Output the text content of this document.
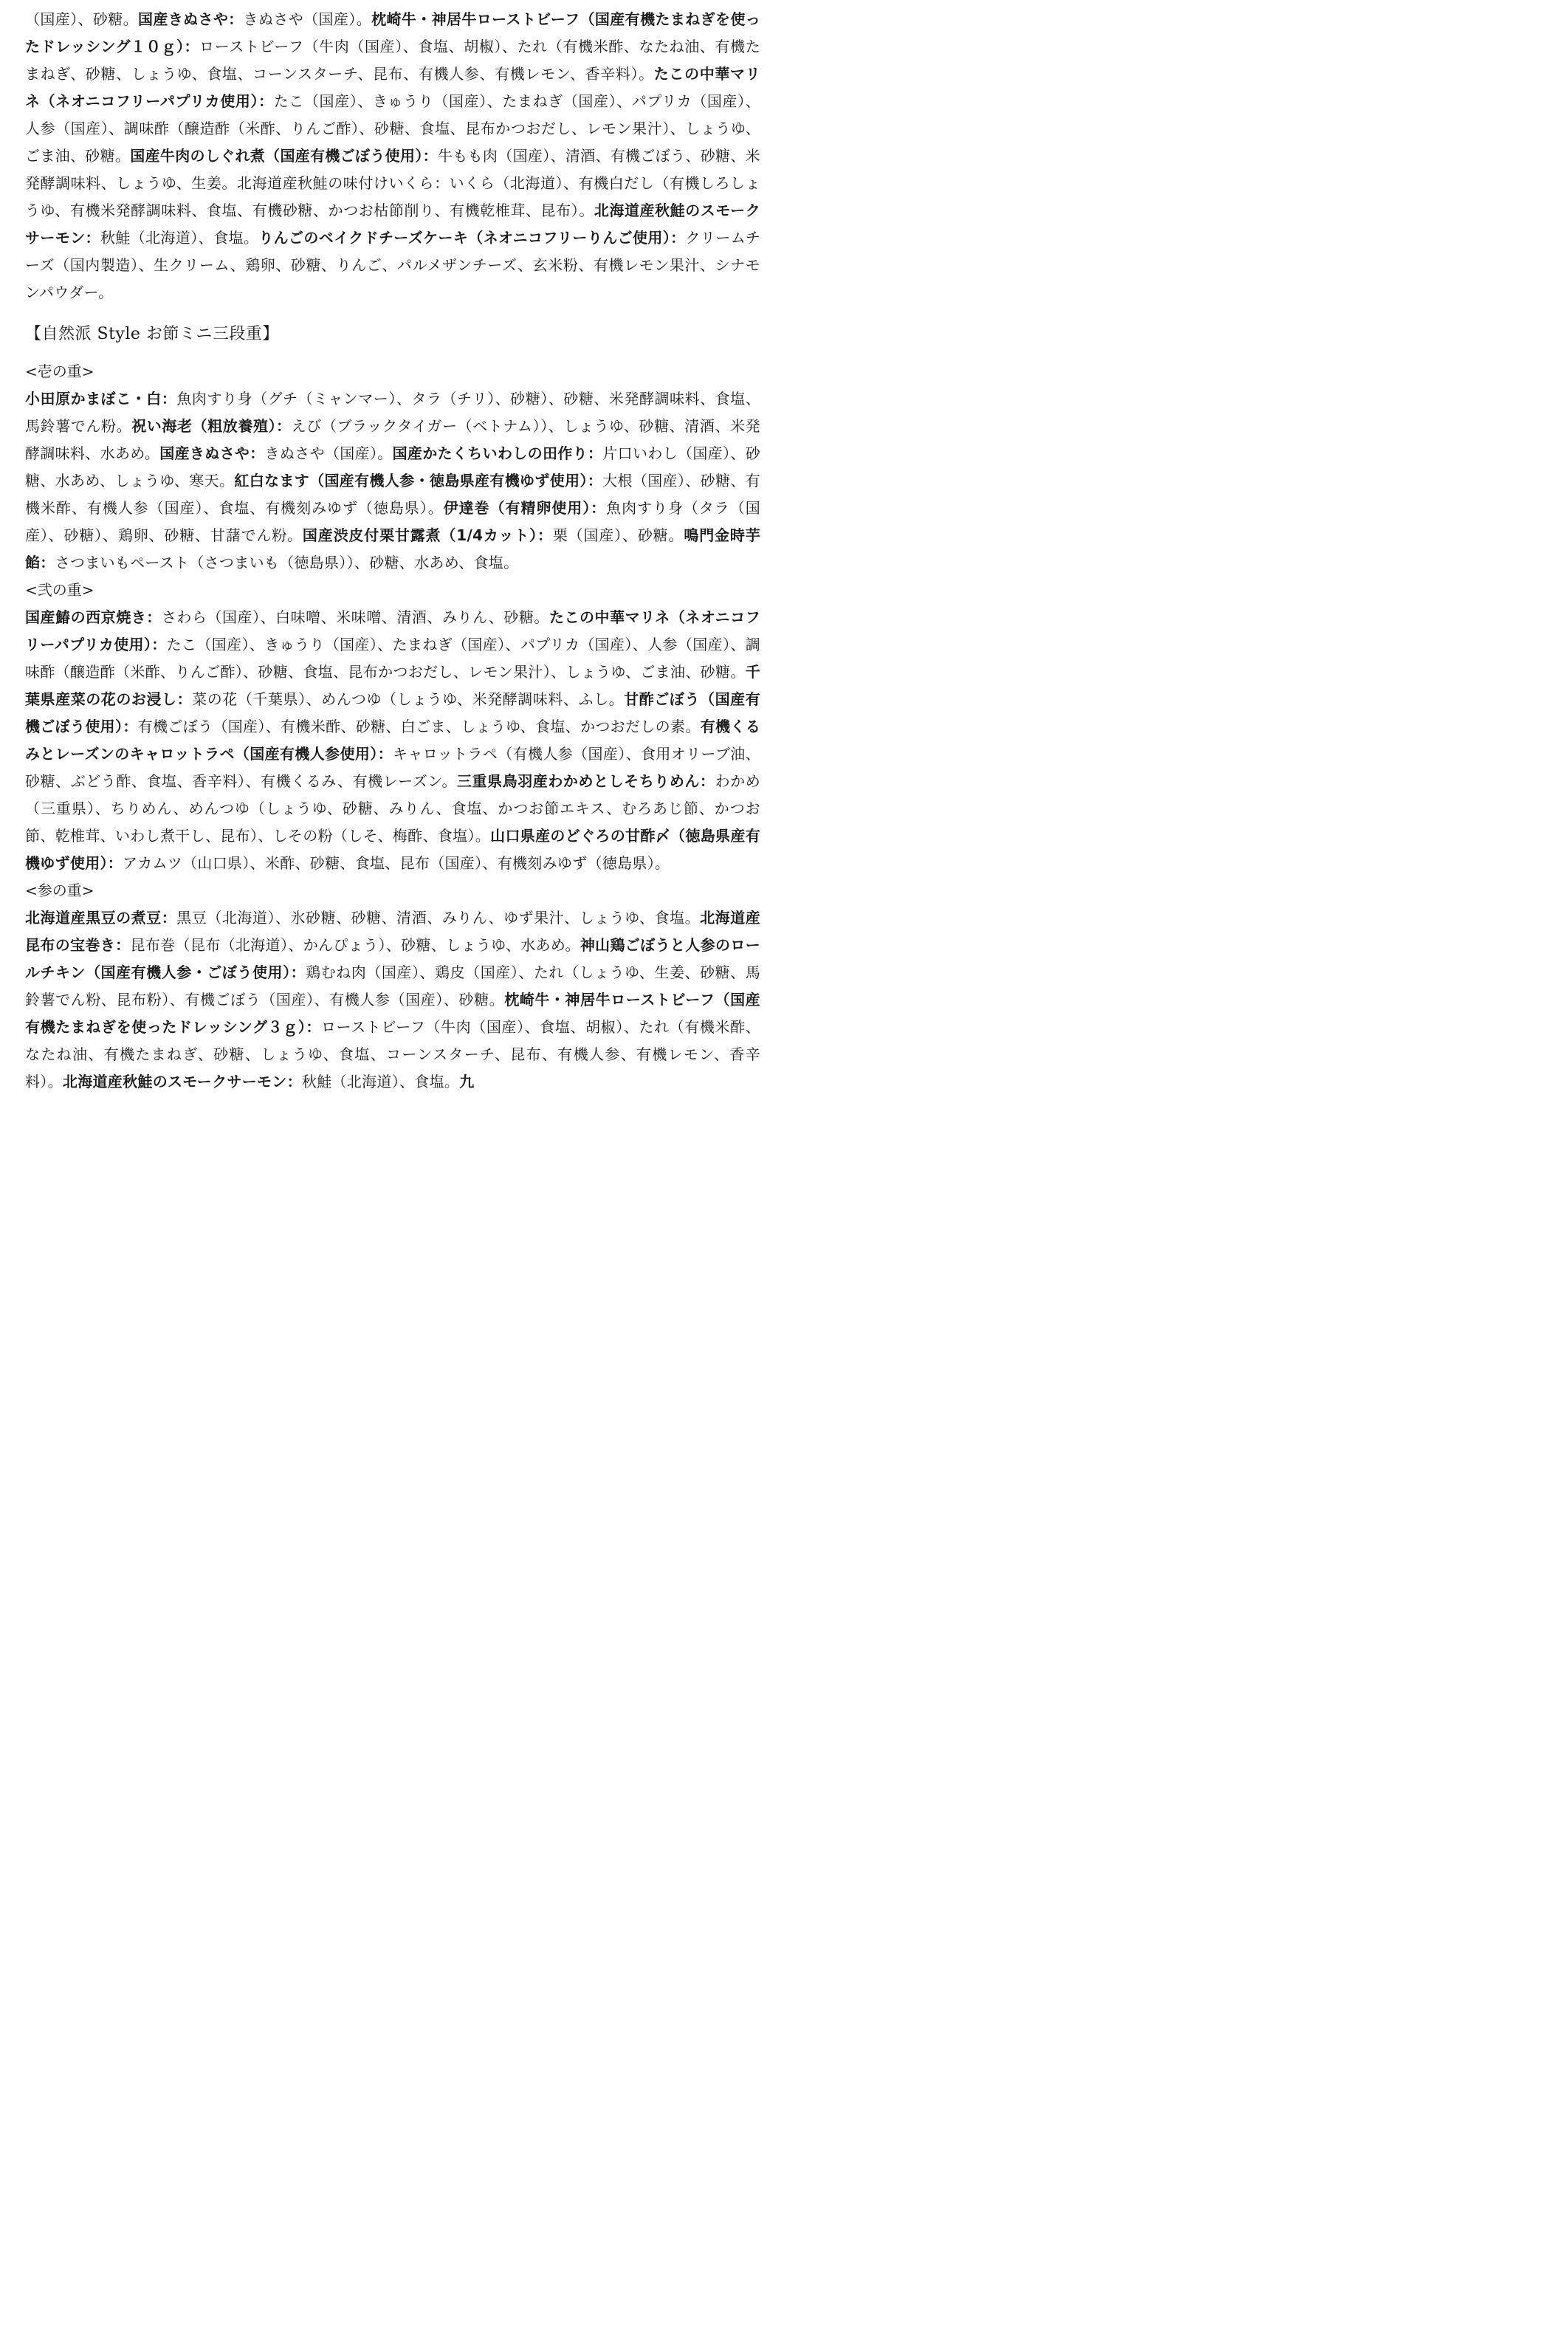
（国産）、砂糖。国産きぬさや：きぬさや（国産）。枕崎牛・神居牛ローストビーフ（国産有機たまねぎを使ったドレッシング１０ｇ）：ローストビーフ（牛肉（国産）、食塩、胡椒）、たれ（有機米酢、なたね油、有機たまねぎ、砂糖、しょうゆ、食塩、コーンスターチ、昆布、有機人参、有機レモン、香辛料）。たこの中華マリネ（ネオニコフリーパプリカ使用）：たこ（国産）、きゅうり（国産）、たまねぎ（国産）、パプリカ（国産）、人参（国産）、調味酢（醸造酢（米酢、りんご酢）、砂糖、食塩、昆布かつおだし、レモン果汁）、しょうゆ、ごま油、砂糖。国産牛肉のしぐれ煮（国産有機ごぼう使用）：牛もも肉（国産）、清酒、有機ごぼう、砂糖、米発酵調味料、しょうゆ、生姜。北海道産秋鮭の味付けいくら：いくら（北海道）、有機白だし（有機しろしょうゆ、有機米発酵調味料、食塩、有機砂糖、かつお枯節削り、有機乾椎茸、昆布）。北海道産秋鮭のスモークサーモン：秋鮭（北海道）、食塩。りんごのベイクドチーズケーキ（ネオニコフリーりんご使用）：クリームチーズ（国内製造）、生クリーム、鶏卵、砂糖、りんご、パルメザンチーズ、玄米粉、有機レモン果汁、シナモンパウダー。

【自然派 Style お節ミニ三段重】
<壱の重>

小田原かまぼこ・白：魚肉すり身（グチ（ミャンマー）、タラ（チリ）、砂糖）、砂糖、米発酵調味料、食塩、馬鈴薯でん粉。祝い海老（粗放養殖）：えび（ブラックタイガー（ベトナム））、しょうゆ、砂糖、清酒、米発酵調味料、水あめ。国産きぬさや：きぬさや（国産）。国産かたくちいわしの田作り：片口いわし（国産）、砂糖、水あめ、しょうゆ、寒天。紅白なます（国産有機人参・徳島県産有機ゆず使用）：大根（国産）、砂糖、有機米酢、有機人参（国産）、食塩、有機刻みゆず（徳島県）。伊達巻（有精卵使用）：魚肉すり身（タラ（国産）、砂糖）、鶏卵、砂糖、甘藷でん粉。国産渋皮付栗甘露煮（1/4カット）：栗（国産）、砂糖。鳴門金時芋餡：さつまいもペースト（さつまいも（徳島県））、砂糖、水あめ、食塩。

<弐の重>

国産鰆の西京焼き：さわら（国産）、白味噌、米味噌、清酒、みりん、砂糖。たこの中華マリネ（ネオニコフリーパプリカ使用）：たこ（国産）、きゅうり（国産）、たまねぎ（国産）、パプリカ（国産）、人参（国産）、調味酢（醸造酢（米酢、りんご酢）、砂糖、食塩、昆布かつおだし、レモン果汁）、しょうゆ、ごま油、砂糖。千葉県産菜の花のお浸し：菜の花（千葉県）、めんつゆ（しょうゆ、米発酵調味料、ふし。甘酢ごぼう（国産有機ごぼう使用）：有機ごぼう（国産）、有機米酢、砂糖、白ごま、しょうゆ、食塩、かつおだしの素。有機くるみとレーズンのキャロットラペ（国産有機人参使用）：キャロットラペ（有機人参（国産）、食用オリーブ油、砂糖、ぶどう酢、食塩、香辛料）、有機くるみ、有機レーズン。三重県鳥羽産わかめとしそちりめん：わかめ（三重県）、ちりめん、めんつゆ（しょうゆ、砂糖、みりん、食塩、かつお節エキス、むろあじ節、かつお節、乾椎茸、いわし煮干し、昆布）、しその粉（しそ、梅酢、食塩）。山口県産のどぐろの甘酢〆（徳島県産有機ゆず使用）：アカムツ（山口県）、米酢、砂糖、食塩、昆布（国産）、有機刻みゆず（徳島県）。

<参の重>

北海道産黒豆の煮豆：黒豆（北海道）、氷砂糖、砂糖、清酒、みりん、ゆず果汁、しょうゆ、食塩。北海道産昆布の宝巻き：昆布巻（昆布（北海道）、かんぴょう）、砂糖、しょうゆ、水あめ。神山鶏ごぼうと人参のロールチキン（国産有機人参・ごぼう使用）：鶏むね肉（国産）、鶏皮（国産）、たれ（しょうゆ、生姜、砂糖、馬鈴薯でん粉、昆布粉）、有機ごぼう（国産）、有機人参（国産）、砂糖。枕崎牛・神居牛ローストビーフ（国産有機たまねぎを使ったドレッシング３ｇ）：ローストビーフ（牛肉（国産）、食塩、胡椒）、たれ（有機米酢、なたね油、有機たまねぎ、砂糖、しょうゆ、食塩、コーンスターチ、昆布、有機人参、有機レモン、香辛料）。北海道産秋鮭のスモークサーモン：秋鮭（北海道）、食塩。九
